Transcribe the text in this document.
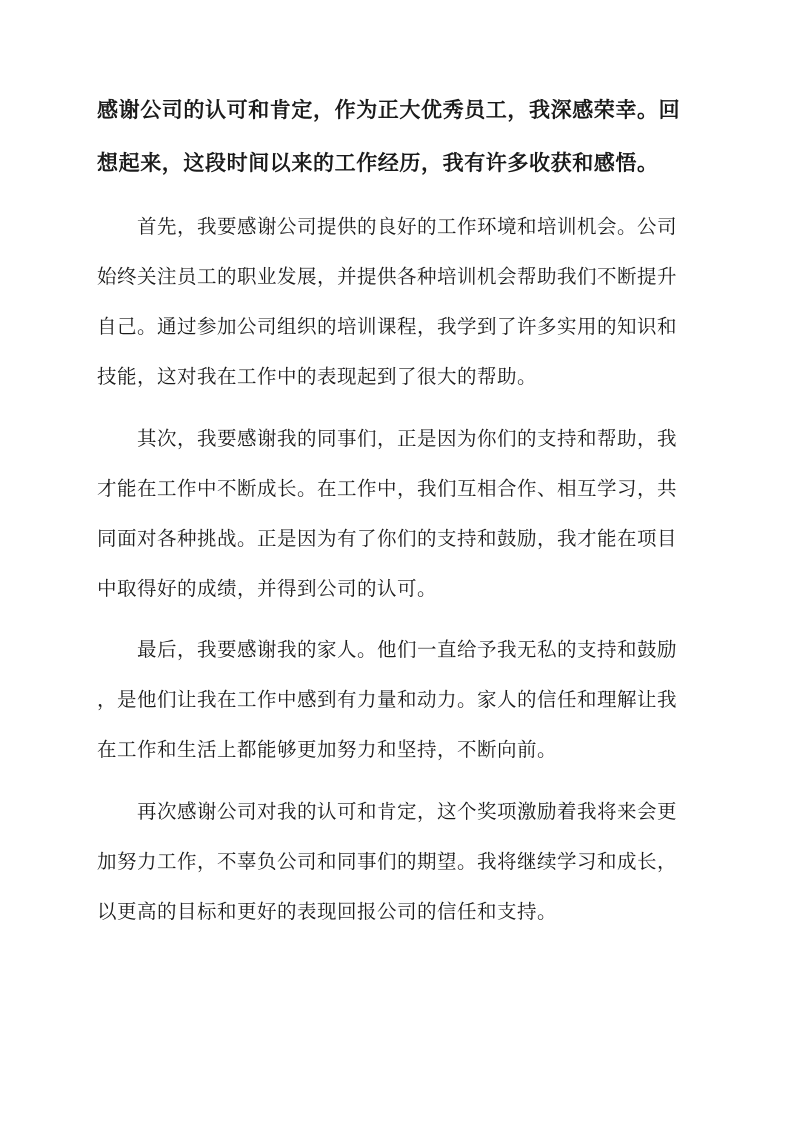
感谢公司的认可和肯定，作为正大优秀员工，我深感荣幸。回
想起来，这段时间以来的工作经历，我有许多收获和感悟。
首先，我要感谢公司提供的良好的工作环境和培训机会。公司
始终关注员工的职业发展，并提供各种培训机会帮助我们不断提升
自己。通过参加公司组织的培训课程，我学到了许多实用的知识和
技能，这对我在工作中的表现起到了很大的帮助。
其次，我要感谢我的同事们，正是因为你们的支持和帮助，我
才能在工作中不断成长。在工作中，我们互相合作、相互学习，共
同面对各种挑战。正是因为有了你们的支持和鼓励，我才能在项目
中取得好的成绩，并得到公司的认可。
最后，我要感谢我的家人。他们一直给予我无私的支持和鼓励
，是他们让我在工作中感到有力量和动力。家人的信任和理解让我
在工作和生活上都能够更加努力和坚持，不断向前。
再次感谢公司对我的认可和肯定，这个奖项激励着我将来会更
加努力工作，不辜负公司和同事们的期望。我将继续学习和成长，
以更高的目标和更好的表现回报公司的信任和支持。
